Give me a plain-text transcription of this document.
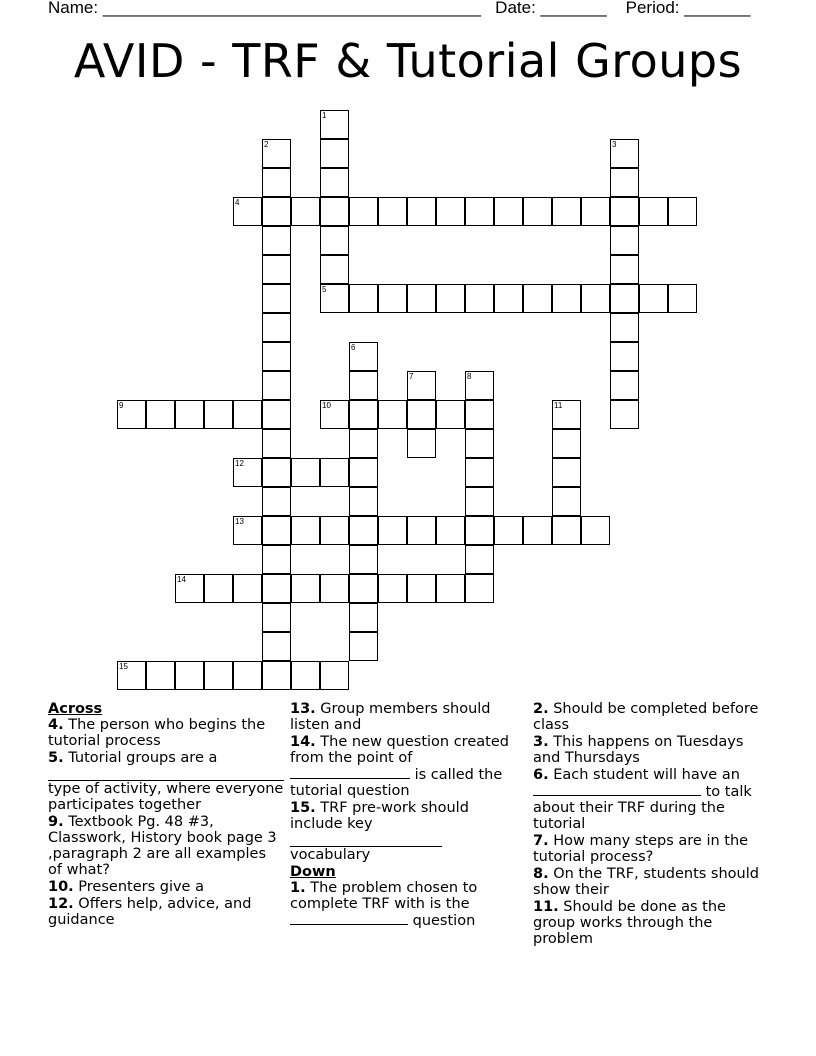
Name: ________________________________________ Date: _______ Period: _______
AVID - TRF & Tutorial Groups
1
2	3
4
5
6
7	8
9	10	11
12
13
14
15
Across
4. The person who begins the tutorial process
5. Tutorial groups are a
type of activity, where everyone participates together
9. Textbook Pg. 48 #3, Classwork, History book page 3 ,paragraph 2 are all examples of what?
10. Presenters give a
12. Offers help, advice, and guidance
13. Group members should listen and
14. The new question created from the point of  is called the tutorial question
15. TRF pre-work should include key
vocabulary
Down
1. The problem chosen to complete TRF with is the  question
2. Should be completed before class
3. This happens on Tuesdays and Thursdays
6. Each student will have an  to talk about their TRF during the tutorial
7. How many steps are in the tutorial process?
8. On the TRF, students should show their
11. Should be done as the group works through the problem
